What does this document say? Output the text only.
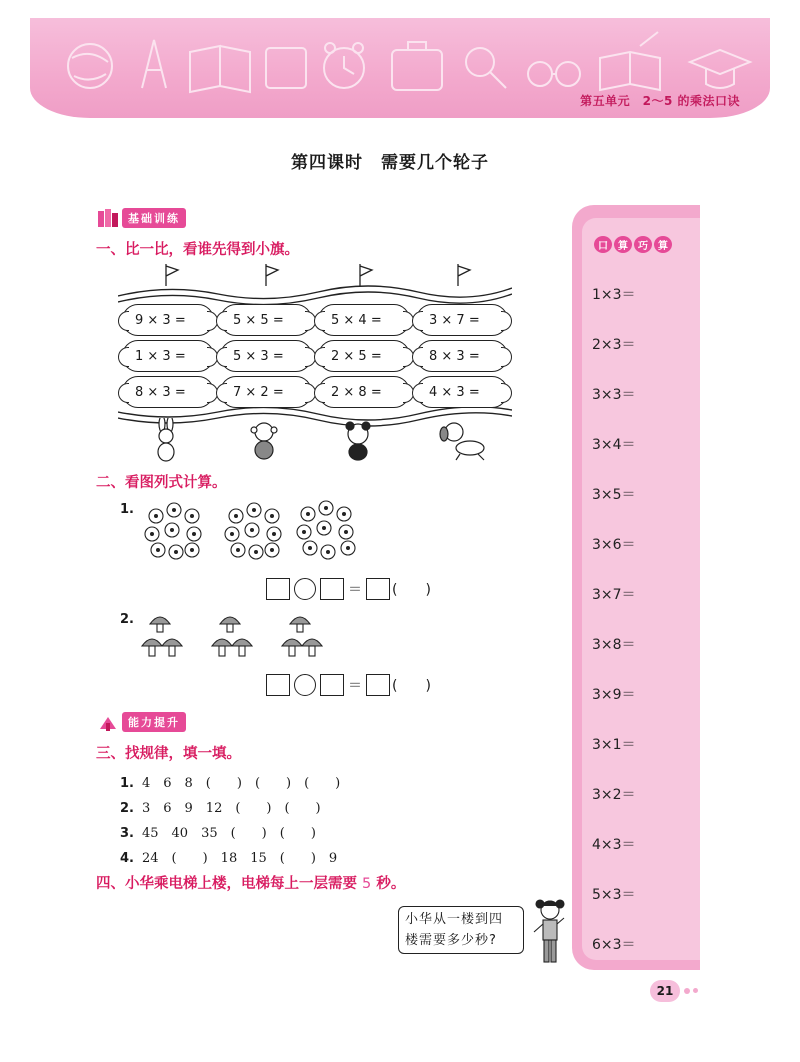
第五单元　2～5 的乘法口诀
第四课时　需要几个轮子
基础训练
一、比一比，看谁先得到小旗。
9 × 3 =	5 × 5 =	5 × 4 =	3 × 7 =
1 × 3 =	5 × 3 =	2 × 5 =	8 × 3 =
8 × 3 =	7 × 2 =	2 × 8 =	4 × 3 =
二、看图列式计算。
1.
＝ (　　)
2.
＝ (　　)
能力提升
三、找规律，填一填。
1. 4　6　8　(　　)　(　　)　(　　)
2. 3　6　9　12　(　　)　(　　)
3. 45　40　35　(　　)　(　　)
4. 24　(　　)　18　15　(　　)　9
四、小华乘电梯上楼，电梯每上一层需要 5 秒。
小华从一楼到四
楼需要多少秒?
口	算	巧	算
1×3＝
2×3＝
3×3＝
3×4＝
3×5＝
3×6＝
3×7＝
3×8＝
3×9＝
3×1＝
3×2＝
4×3＝
5×3＝
6×3＝
21
